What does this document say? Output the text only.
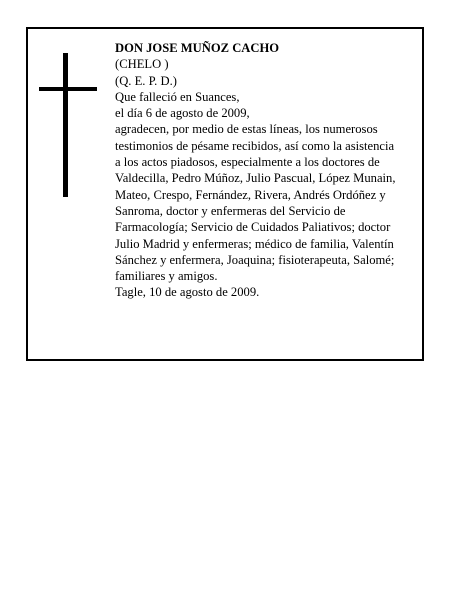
DON JOSE MUÑOZ CACHO
(CHELO )
(Q. E. P. D.)
Que falleció en Suances,
el día 6 de agosto de 2009,
agradecen, por medio de estas líneas, los numerosos
testimonios de pésame recibidos, así como la asistencia
a los actos piadosos, especialmente a los doctores de
Valdecilla, Pedro Múñoz, Julio Pascual, López Munain,
Mateo, Crespo, Fernández, Rivera, Andrés Ordóñez y
Sanroma, doctor y enfermeras del Servicio de
Farmacología; Servicio de Cuidados Paliativos; doctor
Julio Madrid y enfermeras; médico de familia, Valentín
Sánchez y enfermera, Joaquina; fisioterapeuta, Salomé;
familiares y amigos.
Tagle, 10 de agosto de 2009.
